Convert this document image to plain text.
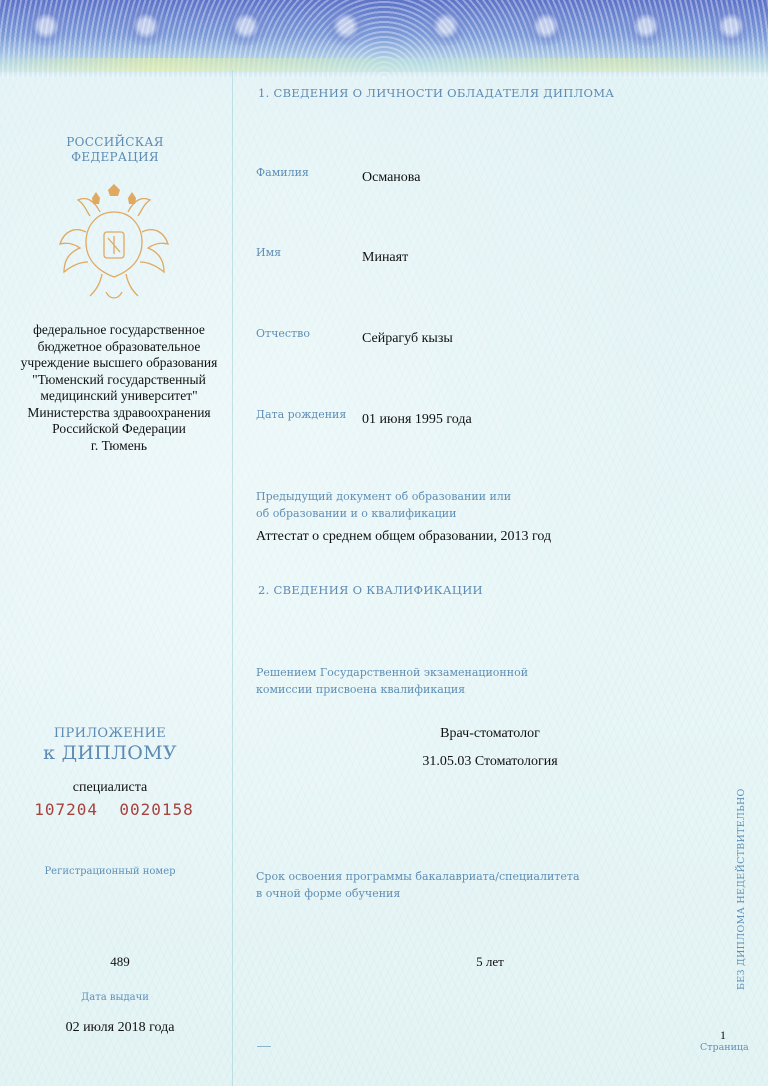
РОССИЙСКАЯ
ФЕДЕРАЦИЯ
федеральное государственное
бюджетное образовательное
учреждение высшего образования
"Тюменский государственный
медицинский университет"
Министерства здравоохранения
Российской Федерации
г. Тюмень
ПРИЛОЖЕНИЕ
к ДИПЛОМУ
специалиста
107204  0020158
Регистрационный номер
489
Дата выдачи
02 июля 2018 года
1. СВЕДЕНИЯ О ЛИЧНОСТИ ОБЛАДАТЕЛЯ ДИПЛОМА
Фамилия	Османова
Имя	Минаят
Отчество	Сейрагуб кызы
Дата рождения 01 июня 1995 года
Предыдущий документ об образовании или
об образовании и о квалификации
Аттестат о среднем общем образовании, 2013 год
2. СВЕДЕНИЯ О КВАЛИФИКАЦИИ
Решением Государственной экзаменационной
комиссии присвоена квалификация
Врач-стоматолог
31.05.03 Стоматология
Срок освоения программы бакалавриата/специалитета
в очной форме обучения
5 лет	БЕЗ ДИПЛОМА НЕДЕЙСТВИТЕЛЬНО
1
Страница
